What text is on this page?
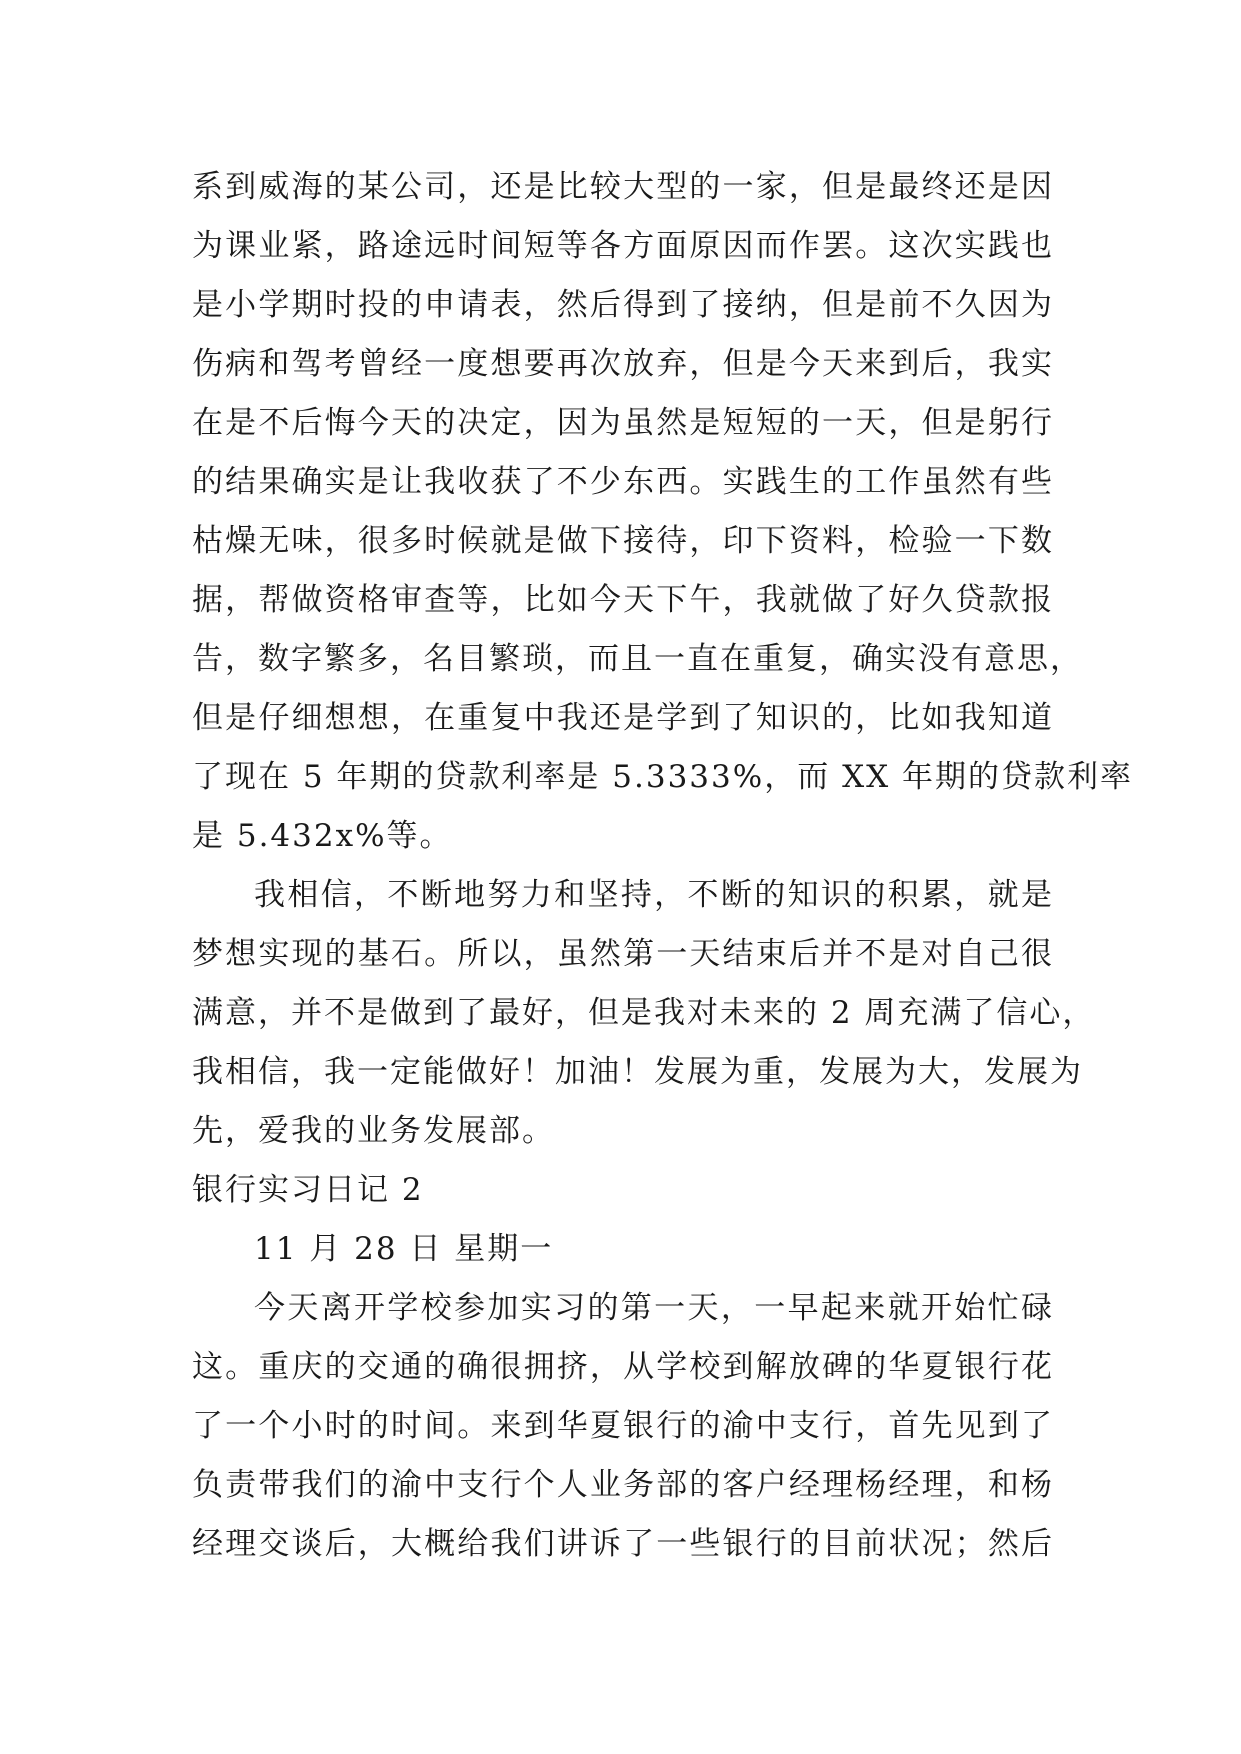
系到威海的某公司，还是比较大型的一家，但是最终还是因
为课业紧，路途远时间短等各方面原因而作罢。这次实践也
是小学期时投的申请表，然后得到了接纳，但是前不久因为
伤病和驾考曾经一度想要再次放弃，但是今天来到后，我实
在是不后悔今天的决定，因为虽然是短短的一天，但是躬行
的结果确实是让我收获了不少东西。实践生的工作虽然有些
枯燥无味，很多时候就是做下接待，印下资料，检验一下数
据，帮做资格审查等，比如今天下午，我就做了好久贷款报
告，数字繁多，名目繁琐，而且一直在重复，确实没有意思，
但是仔细想想，在重复中我还是学到了知识的，比如我知道
了现在 5 年期的贷款利率是 5.3333%，而 XX 年期的贷款利率
是 5.432x%等。
我相信，不断地努力和坚持，不断的知识的积累，就是
梦想实现的基石。所以，虽然第一天结束后并不是对自己很
满意，并不是做到了最好，但是我对未来的 2 周充满了信心，
我相信，我一定能做好！加油！发展为重，发展为大，发展为
先，爱我的业务发展部。
银行实习日记 2
11 月 28 日 星期一
今天离开学校参加实习的第一天，一早起来就开始忙碌
这。重庆的交通的确很拥挤，从学校到解放碑的华夏银行花
了一个小时的时间。来到华夏银行的渝中支行，首先见到了
负责带我们的渝中支行个人业务部的客户经理杨经理，和杨
经理交谈后，大概给我们讲诉了一些银行的目前状况；然后
